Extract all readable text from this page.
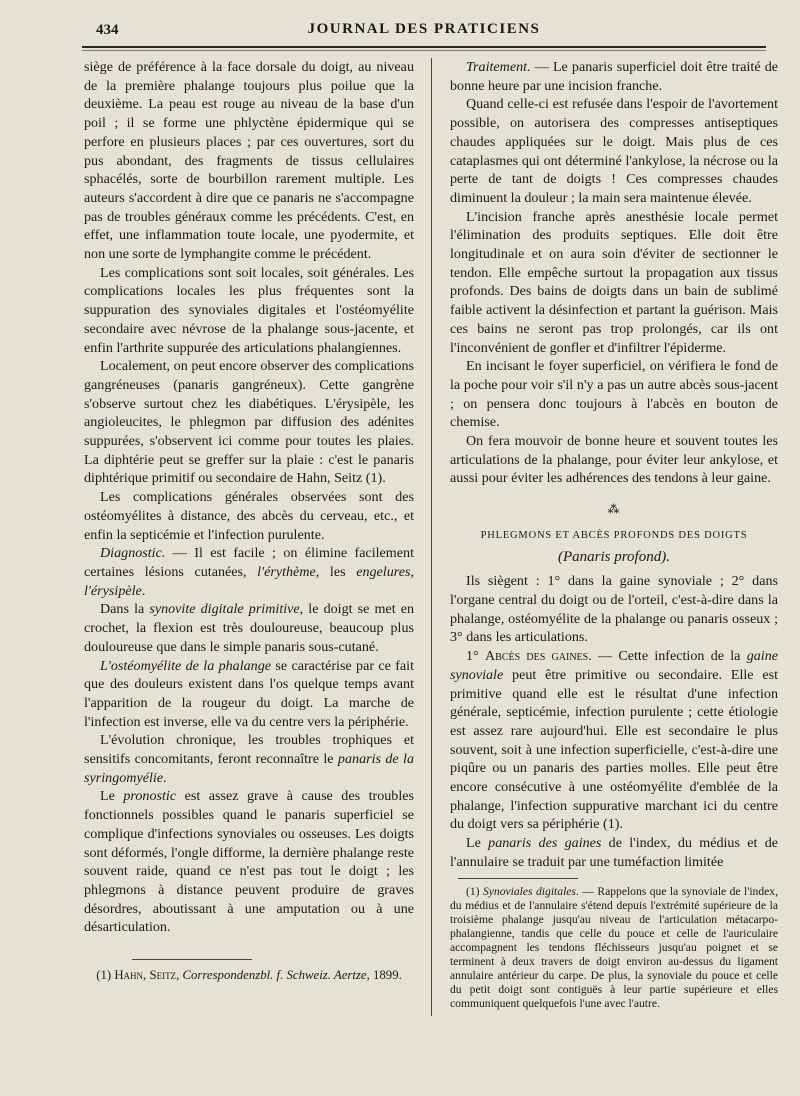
434	JOURNAL DES PRATICIENS

siège de préférence à la face dorsale du doigt, au niveau de la première phalange toujours plus poilue que la deuxième. La peau est rouge au niveau de la base d'un poil ; il se forme une phlyctène épidermique qui se perfore en plusieurs places ; par ces ouvertures, sort du pus abondant, des fragments de tissus cellulaires sphacélés, sorte de bourbillon rarement multiple. Les auteurs s'accordent à dire que ce panaris ne s'accompagne pas de troubles généraux comme les précédents. C'est, en effet, une inflammation toute locale, une pyodermite, et non une sorte de lymphangite comme le précédent.

Les complications sont soit locales, soit générales. Les complications locales les plus fréquentes sont la suppuration des synoviales digitales et l'ostéomyélite secondaire avec névrose de la phalange sous-jacente, et enfin l'arthrite suppurée des articulations phalangiennes.

Localement, on peut encore observer des complications gangréneuses (panaris gangréneux). Cette gangrène s'observe surtout chez les diabétiques. L'érysipèle, les angioleucites, le phlegmon par diffusion des adénites suppurées, s'observent ici comme pour toutes les plaies. La diphtérie peut se greffer sur la plaie : c'est le panaris diphtérique primitif ou secondaire de Hahn, Seitz (1).

Les complications générales observées sont des ostéomyélites à distance, des abcès du cerveau, etc., et enfin la septicémie et l'infection purulente.

Diagnostic. — Il est facile ; on élimine facilement certaines lésions cutanées, l'érythème, les engelures, l'érysipèle.

Dans la synovite digitale primitive, le doigt se met en crochet, la flexion est très douloureuse, beaucoup plus douloureuse que dans le simple panaris sous-cutané.

L'ostéomyélite de la phalange se caractérise par ce fait que des douleurs existent dans l'os quelque temps avant l'apparition de la rougeur du doigt. La marche de l'infection est inverse, elle va du centre vers la périphérie.

L'évolution chronique, les troubles trophiques et sensitifs concomitants, feront reconnaître le panaris de la syringomyélie.

Le pronostic est assez grave à cause des troubles fonctionnels possibles quand le panaris superficiel se complique d'infections synoviales ou osseuses. Les doigts sont déformés, l'ongle difforme, la dernière phalange reste souvent raide, quand ce n'est pas tout le doigt ; les phlegmons à distance peuvent produire de graves désordres, aboutissant à une amputation ou à une désarticulation.

(1) Hahn, Seitz, Correspondenzbl. f. Schweiz. Aertze, 1899.

Traitement. — Le panaris superficiel doit être traité de bonne heure par une incision franche.

Quand celle-ci est refusée dans l'espoir de l'avortement possible, on autorisera des compresses antiseptiques chaudes appliquées sur le doigt. Mais plus de ces cataplasmes qui ont déterminé l'ankylose, la nécrose ou la perte de tant de doigts ! Ces compresses chaudes diminuent la douleur ; la main sera maintenue élevée.

L'incision franche après anesthésie locale permet l'élimination des produits septiques. Elle doit être longitudinale et on aura soin d'éviter de sectionner le tendon. Elle empêche surtout la propagation aux tissus profonds. Des bains de doigts dans un bain de sublimé faible activent la désinfection et partant la guérison. Mais ces bains ne seront pas trop prolongés, car ils ont l'inconvénient de gonfler et d'infiltrer l'épiderme.

En incisant le foyer superficiel, on vérifiera le fond de la poche pour voir s'il n'y a pas un autre abcès sous-jacent ; on pensera donc toujours à l'abcès en bouton de chemise.

On fera mouvoir de bonne heure et souvent toutes les articulations de la phalange, pour éviter leur ankylose, et aussi pour éviter les adhérences des tendons à leur gaine.

⁂
PHLEGMONS ET ABCÈS PROFONDS DES DOIGTS
(Panaris profond).

Ils siègent : 1° dans la gaine synoviale ; 2° dans l'organe central du doigt ou de l'orteil, c'est-à-dire dans la phalange, ostéomyélite de la phalange ou panaris osseux ; 3° dans les articulations.

1° Abcès des gaines. — Cette infection de la gaine synoviale peut être primitive ou secondaire. Elle est primitive quand elle est le résultat d'une infection générale, septicémie, infection purulente ; cette étiologie est assez rare aujourd'hui. Elle est secondaire le plus souvent, soit à une infection superficielle, c'est-à-dire une piqûre ou un panaris des parties molles. Elle peut être encore consécutive à une ostéomyélite d'emblée de la phalange, l'infection suppurative marchant ici du centre du doigt vers sa périphérie (1).

Le panaris des gaines de l'index, du médius et de l'annulaire se traduit par une tuméfaction limitée

(1) Synoviales digitales. — Rappelons que la synoviale de l'index, du médius et de l'annulaire s'étend depuis l'extrémité supérieure de la troisième phalange jusqu'au niveau de l'articulation métacarpo-phalangienne, tandis que celle du pouce et celle de l'auriculaire accompagnent les tendons fléchisseurs jusqu'au poignet et se terminent à deux travers de doigt environ au-dessus du ligament annulaire antérieur du carpe. De plus, la synoviale du pouce et celle du petit doigt sont contiguës à leur partie supérieure et elles communiquent quelquefois l'une avec l'autre.
